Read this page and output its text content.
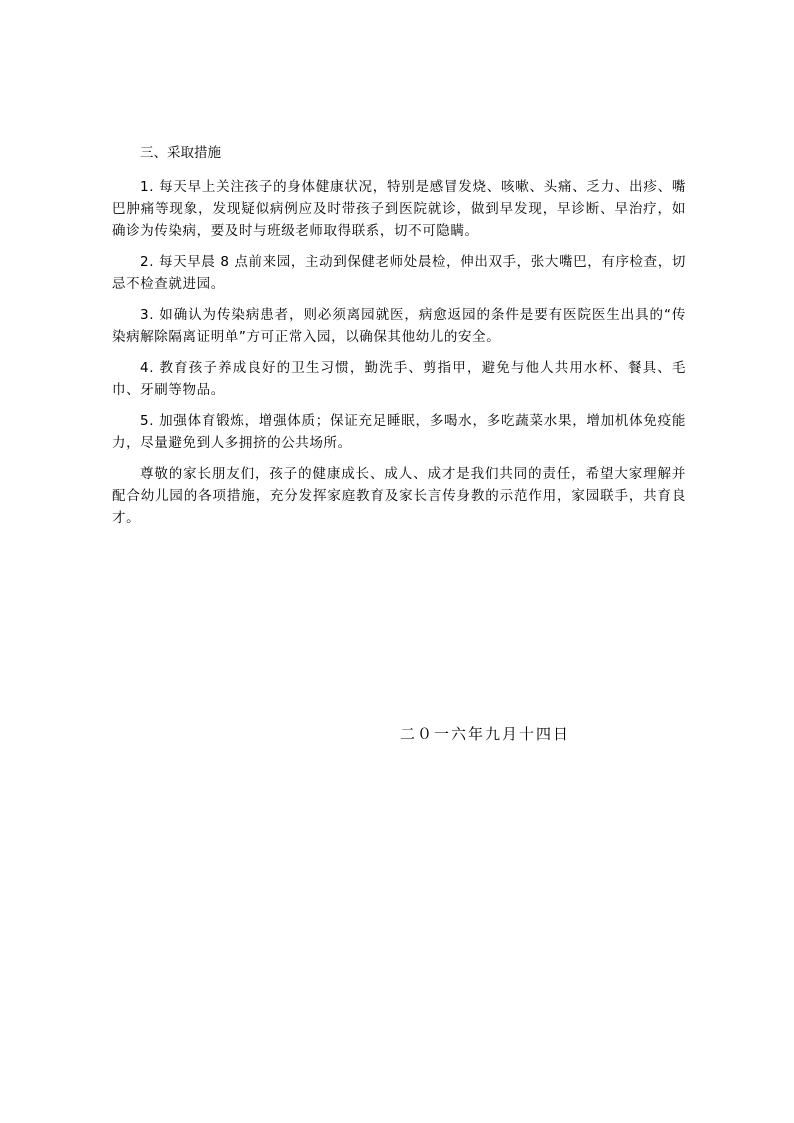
三、采取措施

1. 每天早上关注孩子的身体健康状况，特别是感冒发烧、咳嗽、头痛、乏力、出疹、嘴巴肿痛等现象，发现疑似病例应及时带孩子到医院就诊，做到早发现，早诊断、早治疗，如确诊为传染病，要及时与班级老师取得联系，切不可隐瞒。

2. 每天早晨 8 点前来园，主动到保健老师处晨检，伸出双手，张大嘴巴，有序检查，切忌不检查就进园。

3. 如确认为传染病患者，则必须离园就医，病愈返园的条件是要有医院医生出具的“传染病解除隔离证明单”方可正常入园，以确保其他幼儿的安全。

4. 教育孩子养成良好的卫生习惯，勤洗手、剪指甲，避免与他人共用水杯、餐具、毛巾、牙刷等物品。

5. 加强体育锻炼，增强体质；保证充足睡眠，多喝水，多吃蔬菜水果，增加机体免疫能力，尽量避免到人多拥挤的公共场所。

尊敬的家长朋友们，孩子的健康成长、成人、成才是我们共同的责任，希望大家理解并配合幼儿园的各项措施，充分发挥家庭教育及家长言传身教的示范作用，家园联手，共育良才。

二０一六年九月十四日
